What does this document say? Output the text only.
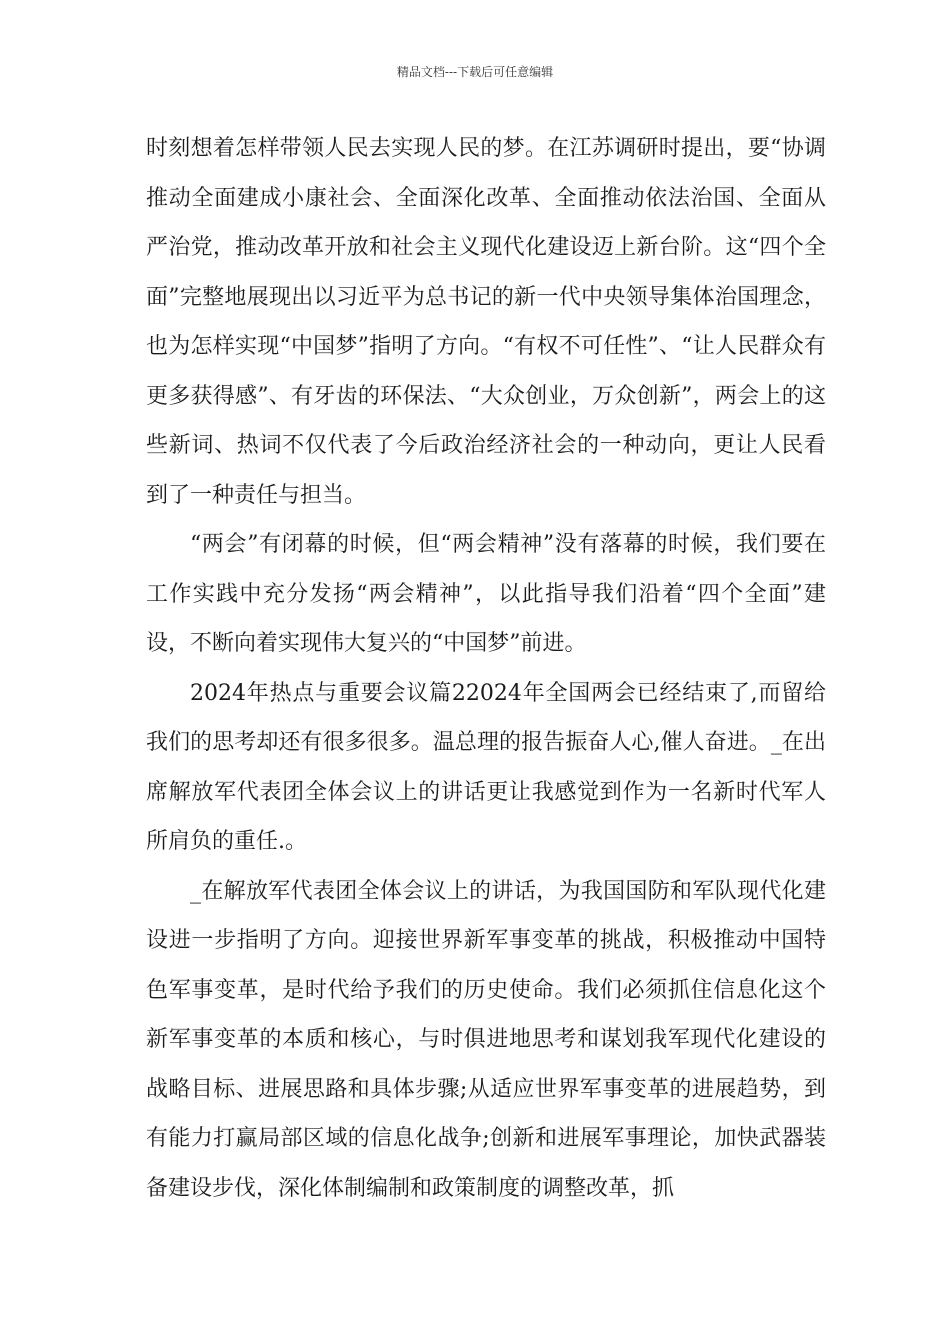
精品文档---下载后可任意编辑

时刻想着怎样带领人民去实现人民的梦。在江苏调研时提出，要“协调推动全面建成小康社会、全面深化改革、全面推动依法治国、全面从严治党，推动改革开放和社会主义现代化建设迈上新台阶。这“四个全面”完整地展现出以习近平为总书记的新一代中央领导集体治国理念，也为怎样实现“中国梦”指明了方向。“有权不可任性”、“让人民群众有更多获得感”、有牙齿的环保法、“大众创业，万众创新”，两会上的这些新词、热词不仅代表了今后政治经济社会的一种动向，更让人民看到了一种责任与担当。

“两会”有闭幕的时候，但“两会精神”没有落幕的时候，我们要在工作实践中充分发扬“两会精神”，以此指导我们沿着“四个全面”建设，不断向着实现伟大复兴的“中国梦”前进。

2024年热点与重要会议篇22024年全国两会已经结束了,而留给我们的思考却还有很多很多。温总理的报告振奋人心,催人奋进。_在出席解放军代表团全体会议上的讲话更让我感觉到作为一名新时代军人所肩负的重任.。

_在解放军代表团全体会议上的讲话，为我国国防和军队现代化建设进一步指明了方向。迎接世界新军事变革的挑战，积极推动中国特色军事变革，是时代给予我们的历史使命。我们必须抓住信息化这个新军事变革的本质和核心，与时俱进地思考和谋划我军现代化建设的战略目标、进展思路和具体步骤;从适应世界军事变革的进展趋势，到有能力打赢局部区域的信息化战争;创新和进展军事理论，加快武器装备建设步伐，深化体制编制和政策制度的调整改革，抓
